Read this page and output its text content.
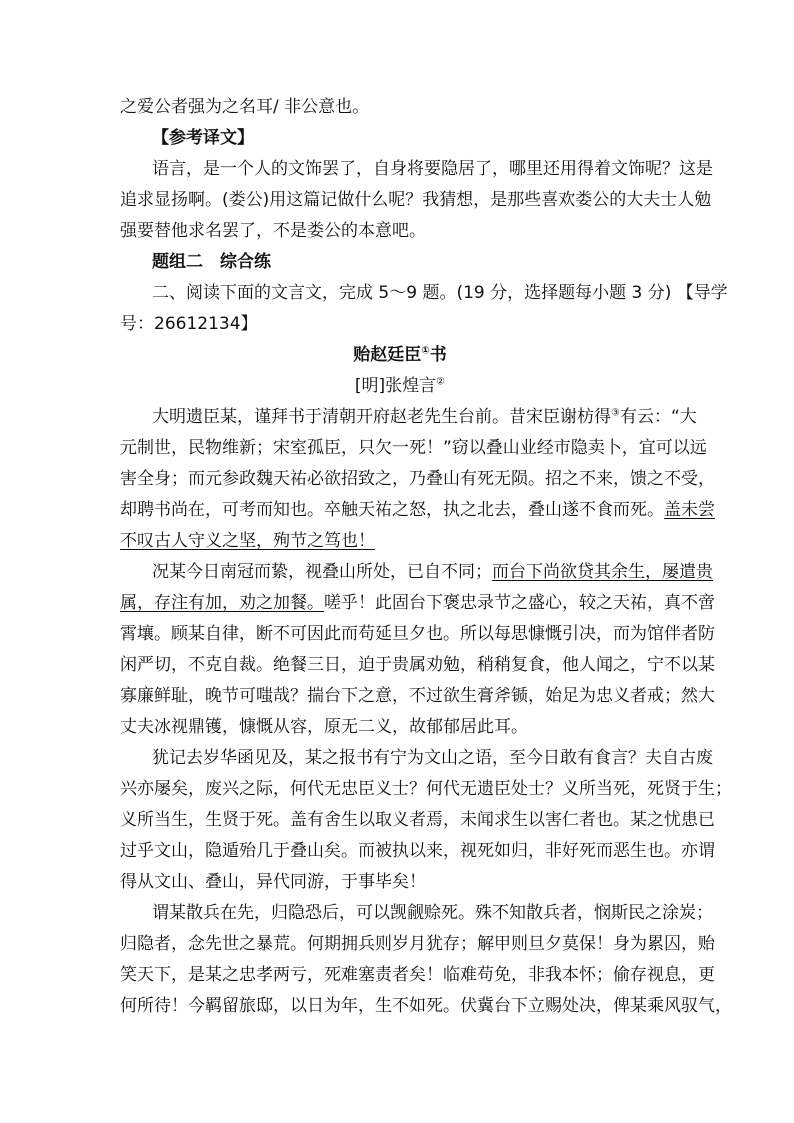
之爱公者强为之名耳/ 非公意也。
【参考译文】
语言，是一个人的文饰罢了，自身将要隐居了，哪里还用得着文饰呢？这是
追求显扬啊。(娄公)用这篇记做什么呢？我猜想，是那些喜欢娄公的大夫士人勉
强要替他求名罢了，不是娄公的本意吧。
题组二　综合练
二、阅读下面的文言文，完成 5～9 题。(19 分，选择题每小题 3 分) 【导学
号：26612134】
贻赵廷臣①书
[明]张煌言②
大明遗臣某，谨拜书于清朝开府赵老先生台前。昔宋臣谢枋得③有云：“大
元制世，民物维新；宋室孤臣，只欠一死！”窃以叠山业经市隐卖卜，宜可以远
害全身；而元参政魏天祐必欲招致之，乃叠山有死无陨。招之不来，馈之不受，
却聘书尚在，可考而知也。卒触天祐之怒，执之北去，叠山遂不食而死。盖未尝
不叹古人守义之坚，殉节之笃也！
况某今日南冠而絷，视叠山所处，已自不同；而台下尚欲贷其余生，屡遣贵
属，存注有加，劝之加餐。嗟乎！此固台下褒忠录节之盛心，较之天祐，真不啻
霄壤。顾某自律，断不可因此而苟延旦夕也。所以每思慷慨引决，而为馆伴者防
闲严切，不克自裁。绝餐三日，迫于贵属劝勉，稍稍复食，他人闻之，宁不以某
寡廉鲜耻，晚节可嗤哉？揣台下之意，不过欲生膏斧锧，始足为忠义者戒；然大
丈夫冰视鼎镬，慷慨从容，原无二义，故郁郁居此耳。
犹记去岁华函见及，某之报书有宁为文山之语，至今日敢有食言？夫自古废
兴亦屡矣，废兴之际，何代无忠臣义士？何代无遗臣处士？义所当死，死贤于生；
义所当生，生贤于死。盖有舍生以取义者焉，未闻求生以害仁者也。某之忧患已
过乎文山，隐遁殆几于叠山矣。而被执以来，视死如归，非好死而恶生也。亦谓
得从文山、叠山，异代同游，于事毕矣！
谓某散兵在先，归隐恐后，可以觊觎赊死。殊不知散兵者，悯斯民之涂炭；
归隐者，念先世之暴荒。何期拥兵则岁月犹存；解甲则旦夕莫保！身为累囚，贻
笑天下，是某之忠孝两亏，死难塞责者矣！临难苟免，非我本怀；偷存视息，更
何所待！今羁留旅邸，以日为年，生不如死。伏冀台下立赐处决，俾某乘风驭气，
